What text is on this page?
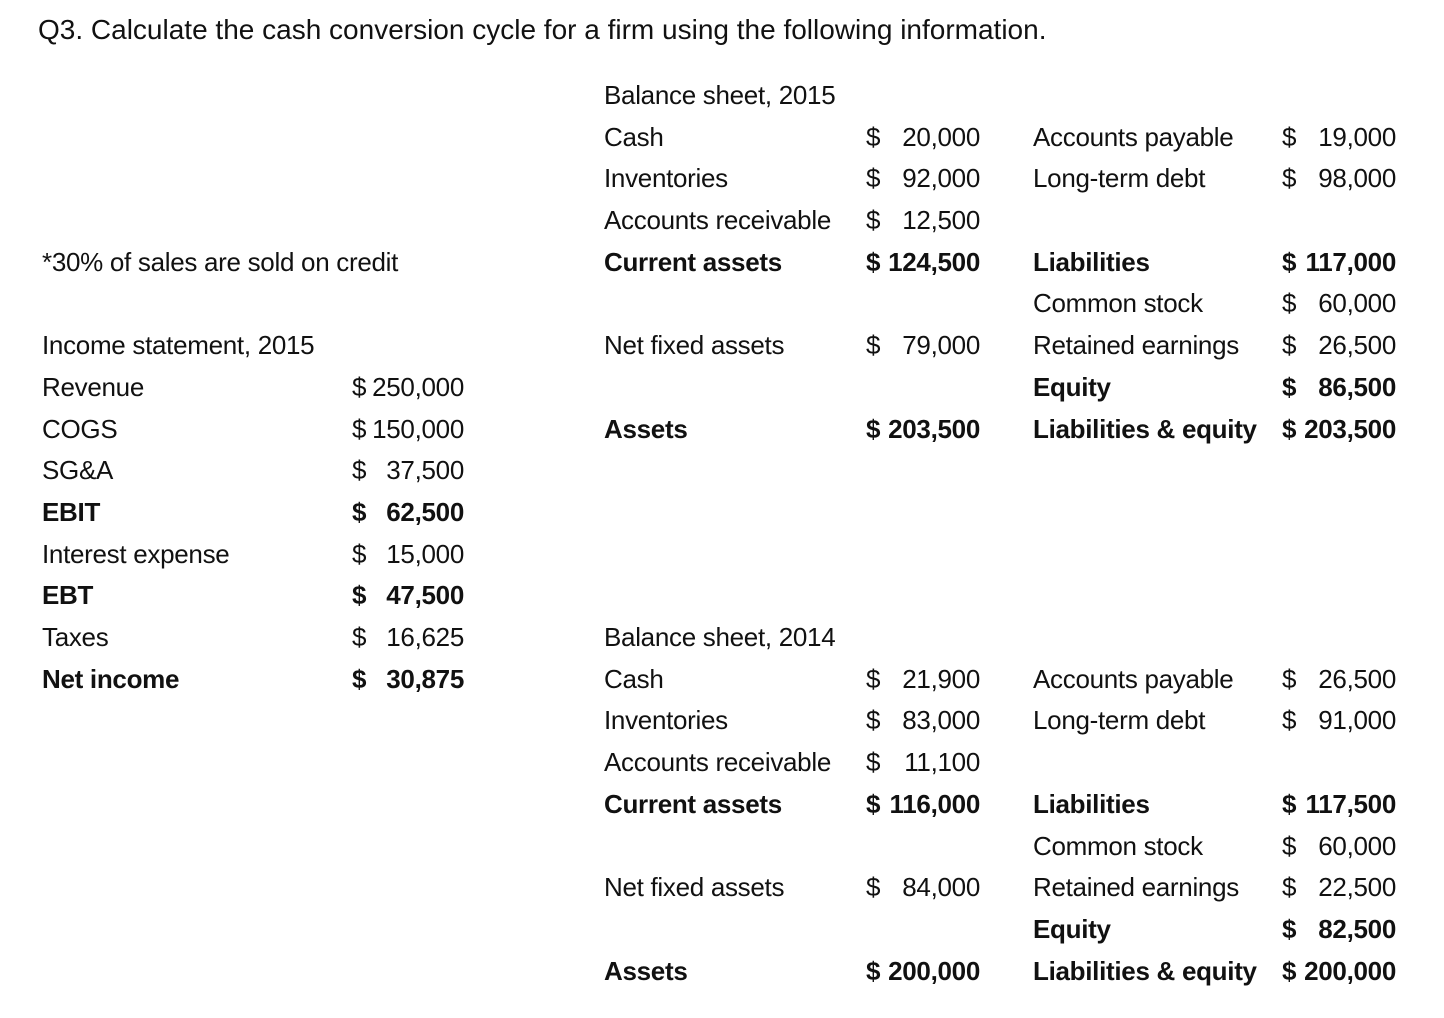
Q3. Calculate the cash conversion cycle for a firm using the following information.
*30% of sales are sold on credit
Income statement, 2015
Revenue	$ 250,000
COGS	$ 150,000
SG&A	$ 37,500
EBIT	$ 62,500
Interest expense	$ 15,000
EBT	$ 47,500
Taxes	$ 16,625
Net income	$ 30,875
Balance sheet, 2015
Cash	$ 20,000
Inventories	$ 92,000
Accounts receivable $ 12,500
Current assets	$ 124,500
Net fixed assets	$ 79,000
Assets	$ 203,500
Accounts payable $ 19,000
Long-term debt	$ 98,000
Liabilities	$ 117,000
Common stock	$ 60,000
Retained earnings $ 26,500
Equity	$ 86,500
Liabilities & equity $ 203,500
Balance sheet, 2014
Cash	$ 21,900
Inventories	$ 83,000
Accounts receivable $ 11,100
Current assets	$ 116,000
Net fixed assets	$ 84,000
Assets	$ 200,000
Accounts payable $ 26,500
Long-term debt	$ 91,000
Liabilities	$ 117,500
Common stock	$ 60,000
Retained earnings $ 22,500
Equity	$ 82,500
Liabilities & equity $ 200,000
